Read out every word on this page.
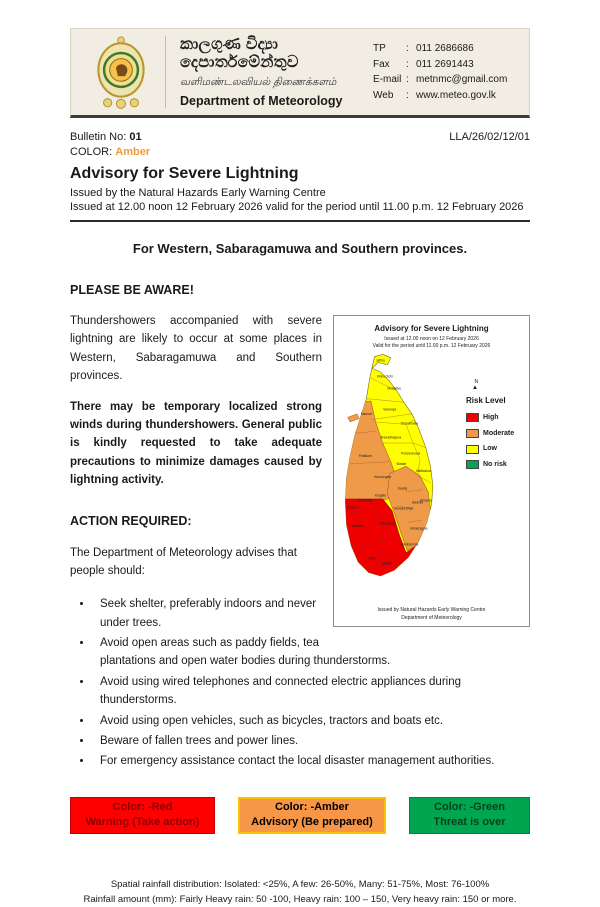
කාලගුණ විද්‍යා දෙපාර්තමේන්තුව
வளிமண்டலவியல் திணைக்களம்
Department of Meteorology
TP	: 011 2686686
Fax	: 011 2691443
E-mail : metnmc@gmail.com
Web	: www.meteo.gov.lk
Bulletin No: 01	LLA/26/02/12/01
COLOR: Amber
Advisory for Severe Lightning
Issued by the Natural Hazards Early Warning Centre
Issued at 12.00 noon 12 February 2026 valid for the period until 11.00 p.m. 12 February 2026
For Western, Sabaragamuwa and Southern provinces.
PLEASE BE AWARE!
Advisory for Severe Lightning
Issued at 12.00 noon on 12 February 2026
Valid for the period until 11.00 p.m. 12 February 2026
Jaffna
Kilinochchi
Mullaitivu
Mannar
Vavuniya
Trincomalee
Anuradhapura
Polonnaruwa
Puttalam
Kurunegala
Matale
Batticaloa
Kandy
Ampara
Nuwara Eliya
Badulla
Monaragala
Gampaha
Colombo
Kegalle
Ratnapura
Kalutara
Galle
Matara
Hambantota
N
▲
Risk Level
High
Moderate
Low
No risk
Issued by Natural Hazards Early Warning Centre
Department of Meteorology

Thundershowers accompanied with severe lightning are likely to occur at some places in Western, Sabaragamuwa and Southern provinces.

There may be temporary localized strong winds during thundershowers. General public is kindly requested to take adequate precautions to minimize damages caused by lightning activity.

ACTION REQUIRED:

The Department of Meteorology advises that people should:

• Seek shelter, preferably indoors and never under trees.
• Avoid open areas such as paddy fields, tea plantations and open water bodies during thunderstorms.
• Avoid using wired telephones and connected electric appliances during thunderstorms.
• Avoid using open vehicles, such as bicycles, tractors and boats etc.
• Beware of fallen trees and power lines.
• For emergency assistance contact the local disaster management authorities.
Color: -Red
Warning (Take action)
Color: -Amber
Advisory (Be prepared)
Color: -Green
Threat is over
Spatial rainfall distribution: Isolated: <25%, A few: 26-50%, Many: 51-75%, Most: 76-100%
Rainfall amount (mm): Fairly Heavy rain: 50 -100, Heavy rain: 100 – 150, Very heavy rain: 150 or more.
